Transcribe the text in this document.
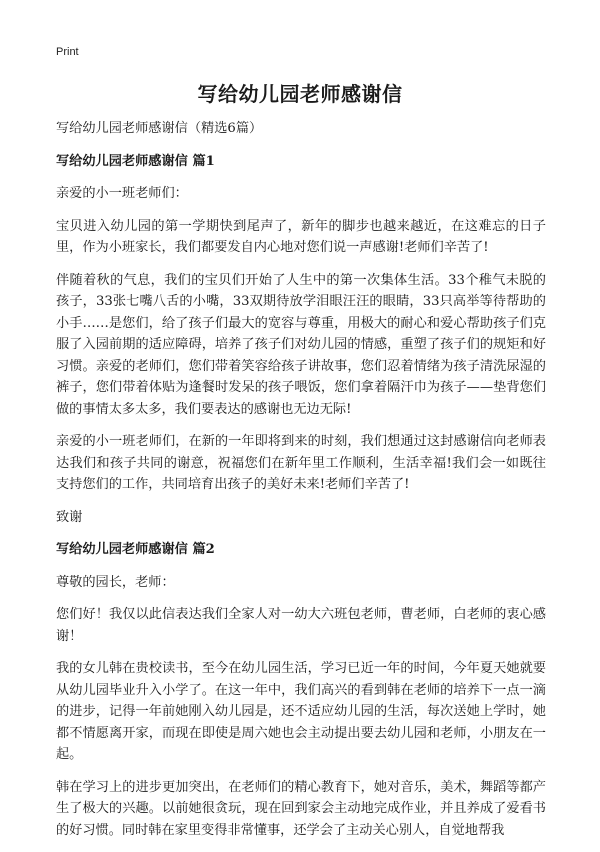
Print
写给幼儿园老师感谢信

写给幼儿园老师感谢信（精选6篇）

写给幼儿园老师感谢信 篇1

亲爱的小一班老师们：

宝贝进入幼儿园的第一学期快到尾声了，新年的脚步也越来越近，在这难忘的日子里，作为小班家长，我们都要发自内心地对您们说一声感谢!老师们辛苦了!

伴随着秋的气息，我们的宝贝们开始了人生中的第一次集体生活。33个稚气未脱的孩子，33张七嘴八舌的小嘴，33双期待放学泪眼汪汪的眼睛，33只高举等待帮助的小手……是您们，给了孩子们最大的宽容与尊重，用极大的耐心和爱心帮助孩子们克服了入园前期的适应障碍，培养了孩子们对幼儿园的情感，重塑了孩子们的规矩和好习惯。亲爱的老师们，您们带着笑容给孩子讲故事，您们忍着情绪为孩子清洗尿湿的裤子，您们带着体贴为逢餐时发呆的孩子喂饭，您们拿着隔汗巾为孩子——垫背您们做的事情太多太多，我们要表达的感谢也无边无际!

亲爱的小一班老师们，在新的一年即将到来的时刻，我们想通过这封感谢信向老师表达我们和孩子共同的谢意，祝福您们在新年里工作顺利，生活幸福!我们会一如既往支持您们的工作，共同培育出孩子的美好未来!老师们辛苦了!

致谢

写给幼儿园老师感谢信 篇2

尊敬的园长，老师：

您们好！我仅以此信表达我们全家人对一幼大六班包老师，曹老师，白老师的衷心感谢！

我的女儿韩在贵校读书，至今在幼儿园生活，学习已近一年的时间，今年夏天她就要从幼儿园毕业升入小学了。在这一年中，我们高兴的看到韩在老师的培养下一点一滴的进步，记得一年前她刚入幼儿园是，还不适应幼儿园的生活，每次送她上学时，她都不情愿离开家，而现在即使是周六她也会主动提出要去幼儿园和老师，小朋友在一起。

韩在学习上的进步更加突出，在老师们的精心教育下，她对音乐，美术，舞蹈等都产生了极大的兴趣。以前她很贪玩，现在回到家会主动地完成作业，并且养成了爱看书的好习惯。同时韩在家里变得非常懂事，还学会了主动关心别人，自觉地帮我
